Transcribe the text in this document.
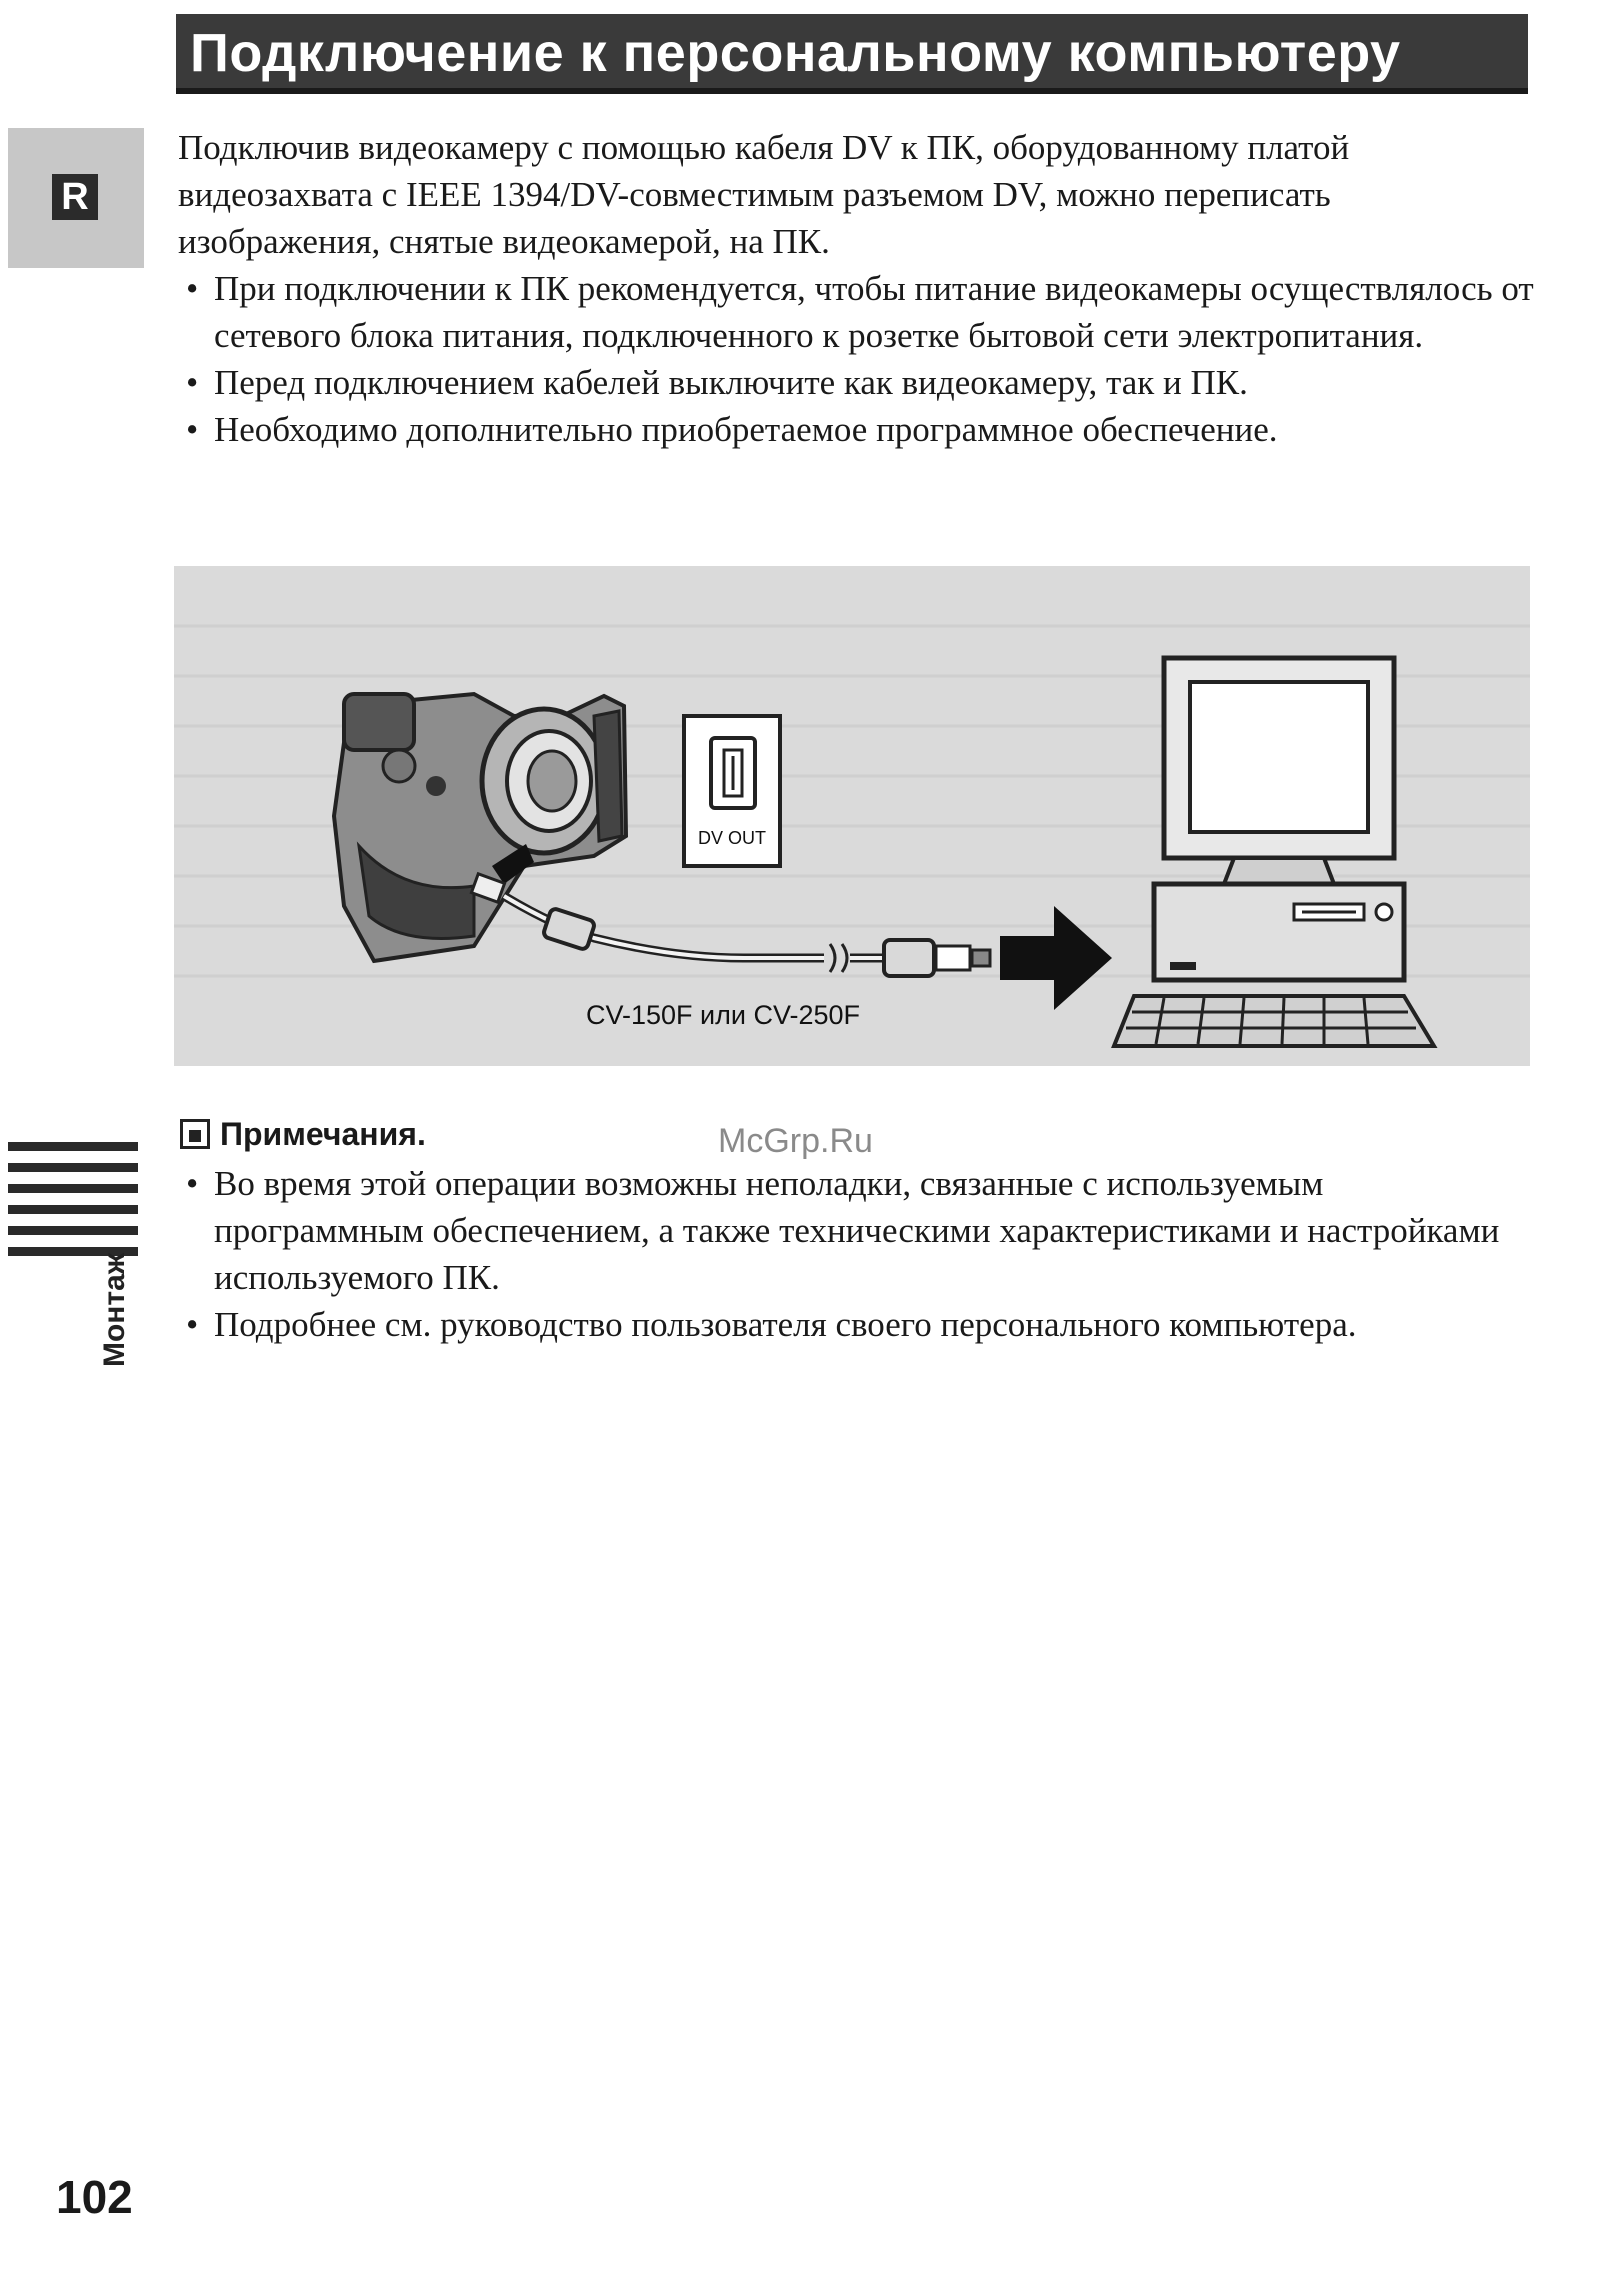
Подключение к персональному компьютеру
R

Подключив видеокамеру с помощью кабеля DV к ПК, оборудованному платой видеозахвата с IEEE 1394/DV-совместимым разъемом DV, можно переписать изображения, снятые видеокамерой, на ПК.

• При подключении к ПК рекомендуется, чтобы питание видеокамеры осуществлялось от сетевого блока питания, подключенного к розетке бытовой сети электропитания.
• Перед подключением кабелей выключите как видеокамеру, так и ПК.
• Необходимо дополнительно приобретаемое программное обеспечение.
DV OUT
CV-150F или CV-250F
Монтаж
Примечания.	McGrp.Ru
• Во время этой операции возможны неполадки, связанные с используемым программным обеспечением, а также техническими характеристиками и настройками используемого ПК.
• Подробнее см. руководство пользователя своего персонального компьютера.
102
